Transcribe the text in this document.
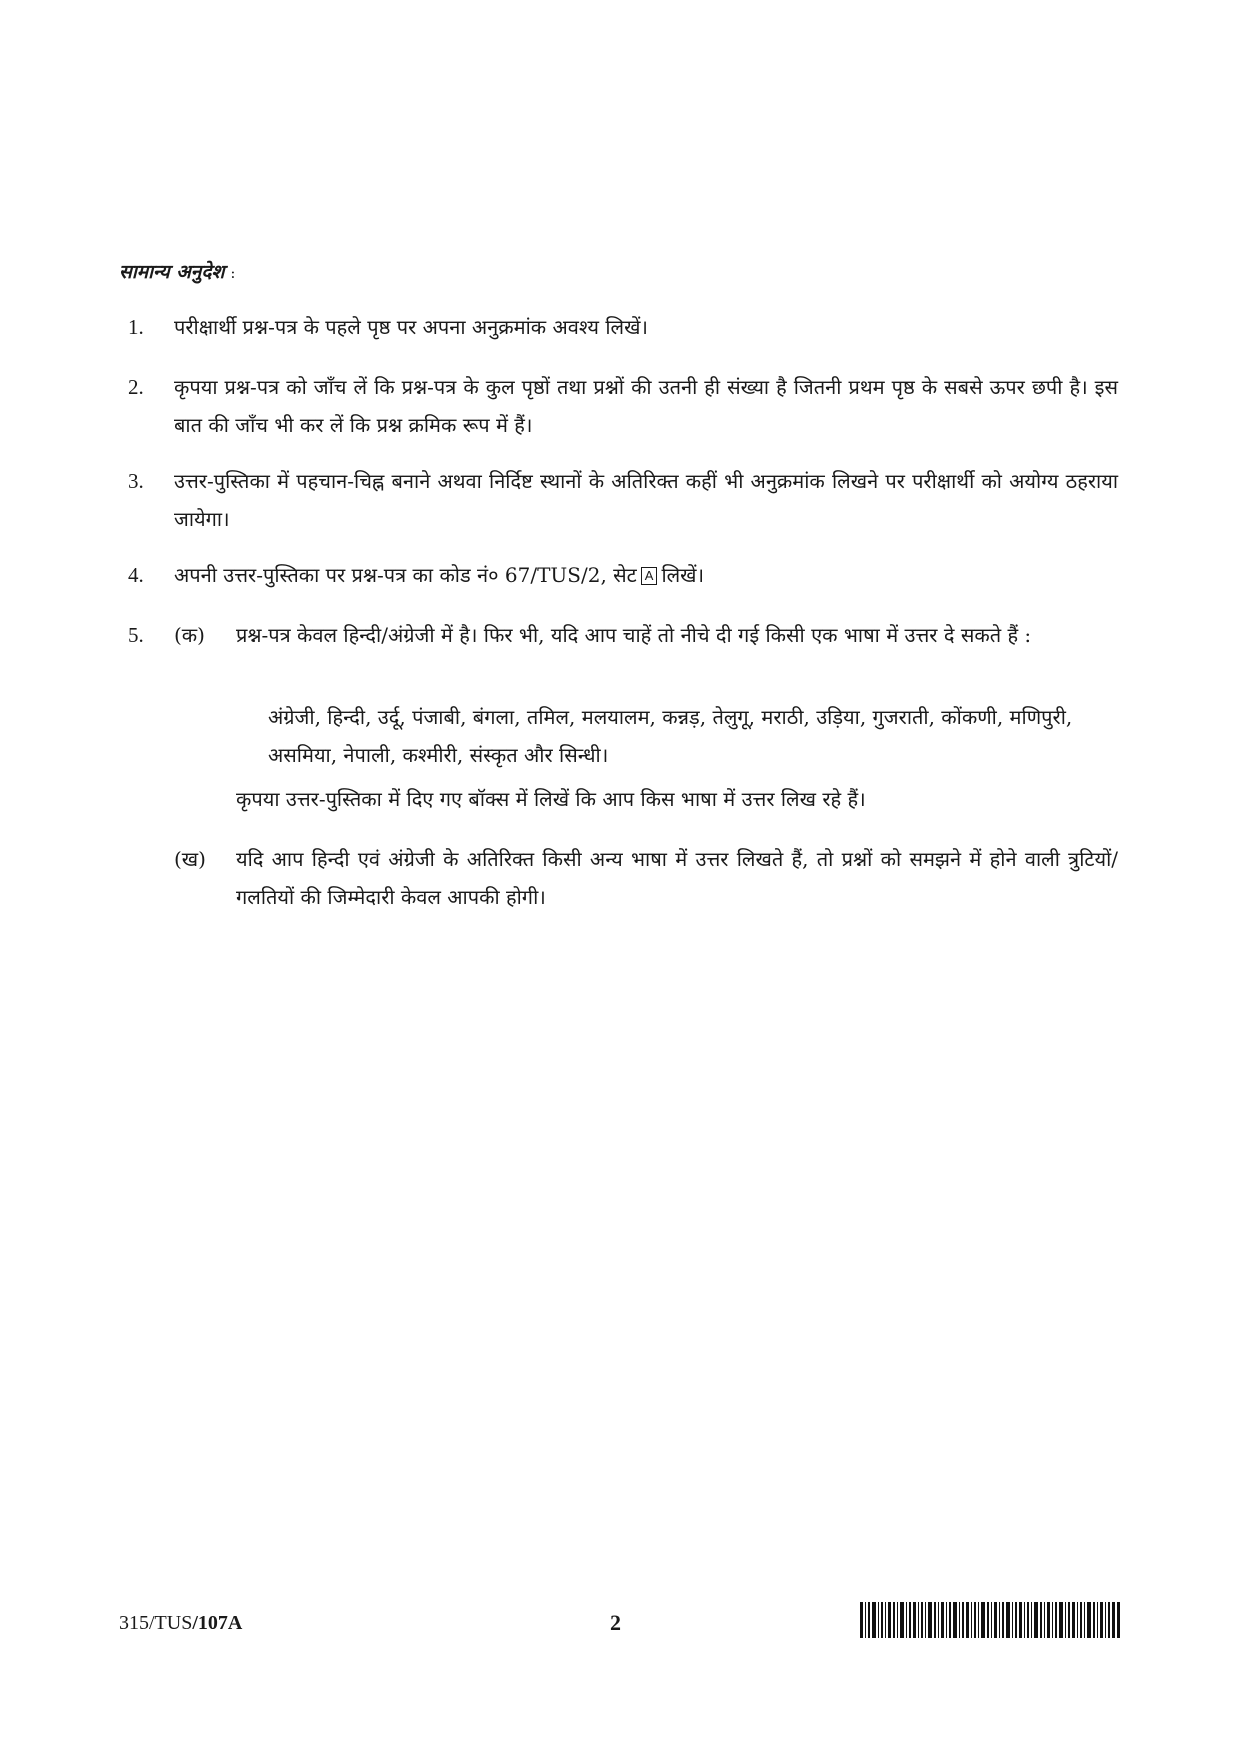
सामान्य अनुदेश :
1.	परीक्षार्थी प्रश्न-पत्र के पहले पृष्ठ पर अपना अनुक्रमांक अवश्य लिखें।
2.	कृपया प्रश्न-पत्र को जाँच लें कि प्रश्न-पत्र के कुल पृष्ठों तथा प्रश्नों की उतनी ही संख्या है जितनी प्रथम पृष्ठ के सबसे ऊपर छपी है। इस बात की जाँच भी कर लें कि प्रश्न क्रमिक रूप में हैं।
3.	उत्तर-पुस्तिका में पहचान-चिह्न बनाने अथवा निर्दिष्ट स्थानों के अतिरिक्त कहीं भी अनुक्रमांक लिखने पर परीक्षार्थी को अयोग्य ठहराया जायेगा।
4.	अपनी उत्तर-पुस्तिका पर प्रश्न-पत्र का कोड नं० 67/TUS/2, सेट A लिखें।
5.	(क) प्रश्न-पत्र केवल हिन्दी/अंग्रेजी में है। फिर भी, यदि आप चाहें तो नीचे दी गई किसी एक भाषा में उत्तर दे सकते हैं :
अंग्रेजी, हिन्दी, उर्दू, पंजाबी, बंगला, तमिल, मलयालम, कन्नड़, तेलुगू, मराठी, उड़िया, गुजराती, कोंकणी, मणिपुरी, असमिया, नेपाली, कश्मीरी, संस्कृत और सिन्धी।
कृपया उत्तर-पुस्तिका में दिए गए बॉक्स में लिखें कि आप किस भाषा में उत्तर लिख रहे हैं।
(ख) यदि आप हिन्दी एवं अंग्रेजी के अतिरिक्त किसी अन्य भाषा में उत्तर लिखते हैं, तो प्रश्नों को समझने में होने वाली त्रुटियों/गलतियों की जिम्मेदारी केवल आपकी होगी।
315/TUS/107A	2
